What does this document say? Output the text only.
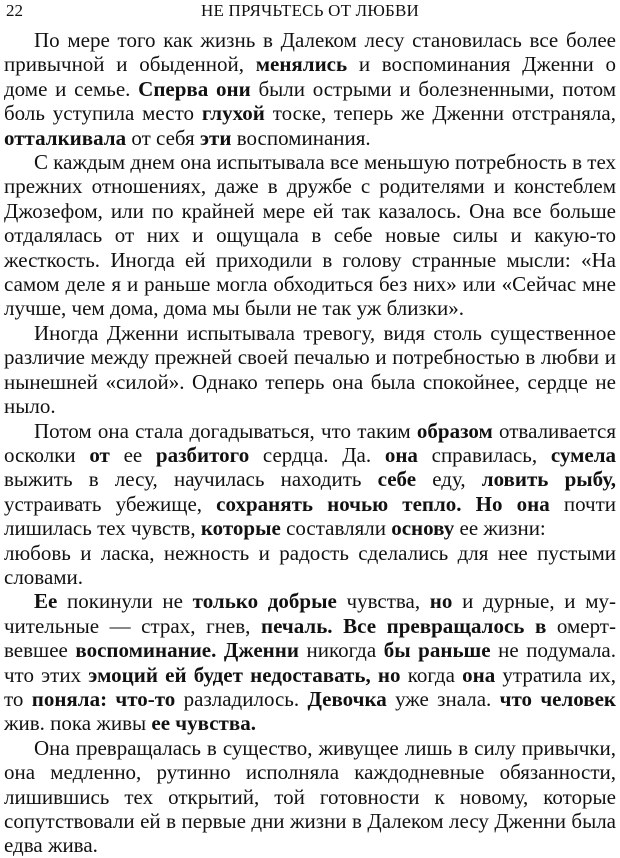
22	НЕ ПРЯЧЬТЕСЬ ОТ ЛЮБВИ

По мере того как жизнь в Далеком лесу становилась все более привычной и обыденной, менялись и воспоминания Дженни о доме и семье. Сперва они были острыми и болезненными, потом боль уступила место глухой тоске, теперь же Дженни отстраняла, отталкивала от себя эти воспоминания.

С каждым днем она испытывала все меньшую потребность в тех прежних отношениях, даже в дружбе с родителями и констеблем Джозефом, или по крайней мере ей так казалось. Она все больше отдалялась от них и ощущала в себе новые силы и какую-то жесткость. Иногда ей приходили в голову странные мысли: «На самом деле я и раньше могла обходиться без них» или «Сейчас мне лучше, чем дома, дома мы были не так уж близки».

Иногда Дженни испытывала тревогу, видя столь существенное различие между прежней своей печалью и потребностью в любви и нынешней «силой». Однако теперь она была спокойнее, сердце не ныло.

Потом она стала догадываться, что таким образом отваливается осколки от ее разбитого сердца. Да. она справилась, сумела выжить в лесу, научилась находить себе еду, ловить рыбу, устраивать убежище, сохранять ночью тепло. Но она почти лишилась тех чувств, которые составляли основу ее жизни:

любовь и ласка, нежность и радость сделались для нее пустыми словами.

Ее покинули не только добрые чувства, но и дурные, и мучительные — страх, гнев, печаль. Все превращалось в омертвевшее воспоминание. Дженни никогда бы раньше не подумала. что этих эмоций ей будет недоставать, но когда она утратила их, то поняла: что-то разладилось. Девочка уже знала. что человек жив. пока живы ее чувства.

Она превращалась в существо, живущее лишь в силу привычки, она медленно, рутинно исполняла каждодневные обязанности, лишившись тех открытий, той готовности к новому, которые сопутствовали ей в первые дни жизни в Далеком лесу Дженни была едва жива.
